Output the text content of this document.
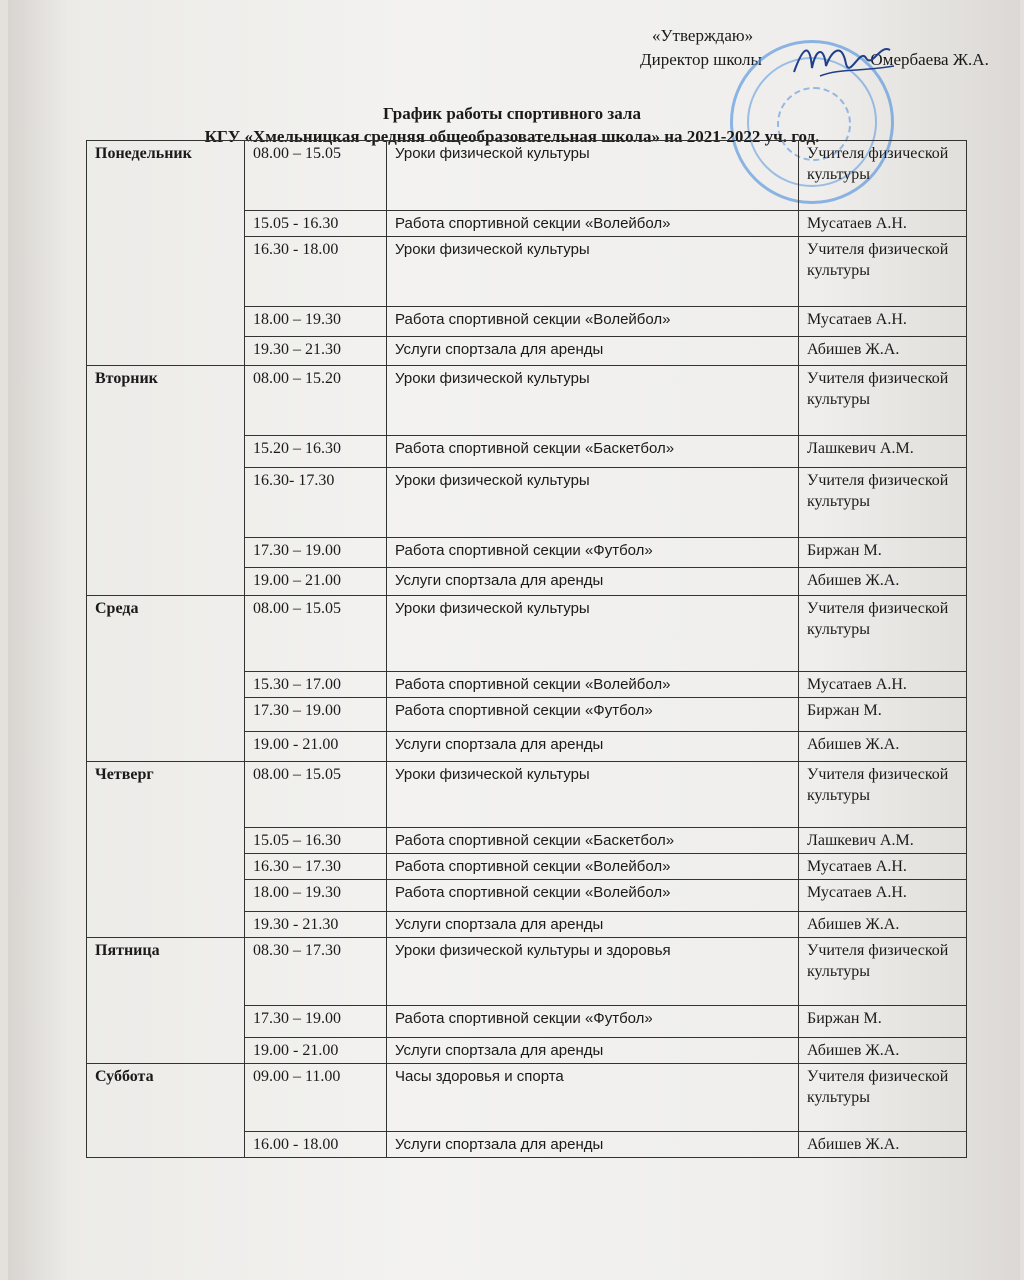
«Утверждаю»
Директор школы	Омербаева Ж.А.
График работы спортивного зала
КГУ «Хмельницкая средняя общеобразовательная школа» на 2021-2022 уч. год.
Понедельник	08.00 – 15.05	Уроки физической культуры	Учителя физической культуры
	15.05 - 16.30	Работа спортивной секции «Волейбол»	Мусатаев А.Н.
	16.30 - 18.00	Уроки физической культуры	Учителя физической культуры
	18.00 – 19.30	Работа спортивной секции «Волейбол»	Мусатаев А.Н.
	19.30 – 21.30	Услуги спортзала для аренды	Абишев Ж.А.
Вторник	08.00 – 15.20	Уроки физической культуры	Учителя физической культуры
	15.20 – 16.30	Работа спортивной секции «Баскетбол»	Лашкевич А.М.
	16.30- 17.30	Уроки физической культуры	Учителя физической культуры
	17.30 – 19.00	Работа спортивной секции «Футбол»	Биржан М.
	19.00 – 21.00	Услуги спортзала для аренды	Абишев Ж.А.
Среда	08.00 – 15.05	Уроки физической культуры	Учителя физической культуры
	15.30 – 17.00	Работа спортивной секции «Волейбол»	Мусатаев А.Н.
	17.30 – 19.00	Работа спортивной секции «Футбол»	Биржан М.
	19.00 - 21.00	Услуги спортзала для аренды	Абишев Ж.А.
Четверг	08.00 – 15.05	Уроки физической культуры	Учителя физической культуры
	15.05 – 16.30	Работа спортивной секции «Баскетбол»	Лашкевич А.М.
	16.30 – 17.30	Работа спортивной секции «Волейбол»	Мусатаев А.Н.
	18.00 – 19.30	Работа спортивной секции «Волейбол»	Мусатаев А.Н.
	19.30 - 21.30	Услуги спортзала для аренды	Абишев Ж.А.
Пятница	08.30 – 17.30	Уроки физической культуры и здоровья	Учителя физической культуры
	17.30 – 19.00	Работа спортивной секции «Футбол»	Биржан М.
	19.00 - 21.00	Услуги спортзала для аренды	Абишев Ж.А.
Суббота	09.00 – 11.00	Часы здоровья и спорта	Учителя физической культуры
	16.00 - 18.00	Услуги спортзала для аренды	Абишев Ж.А.
